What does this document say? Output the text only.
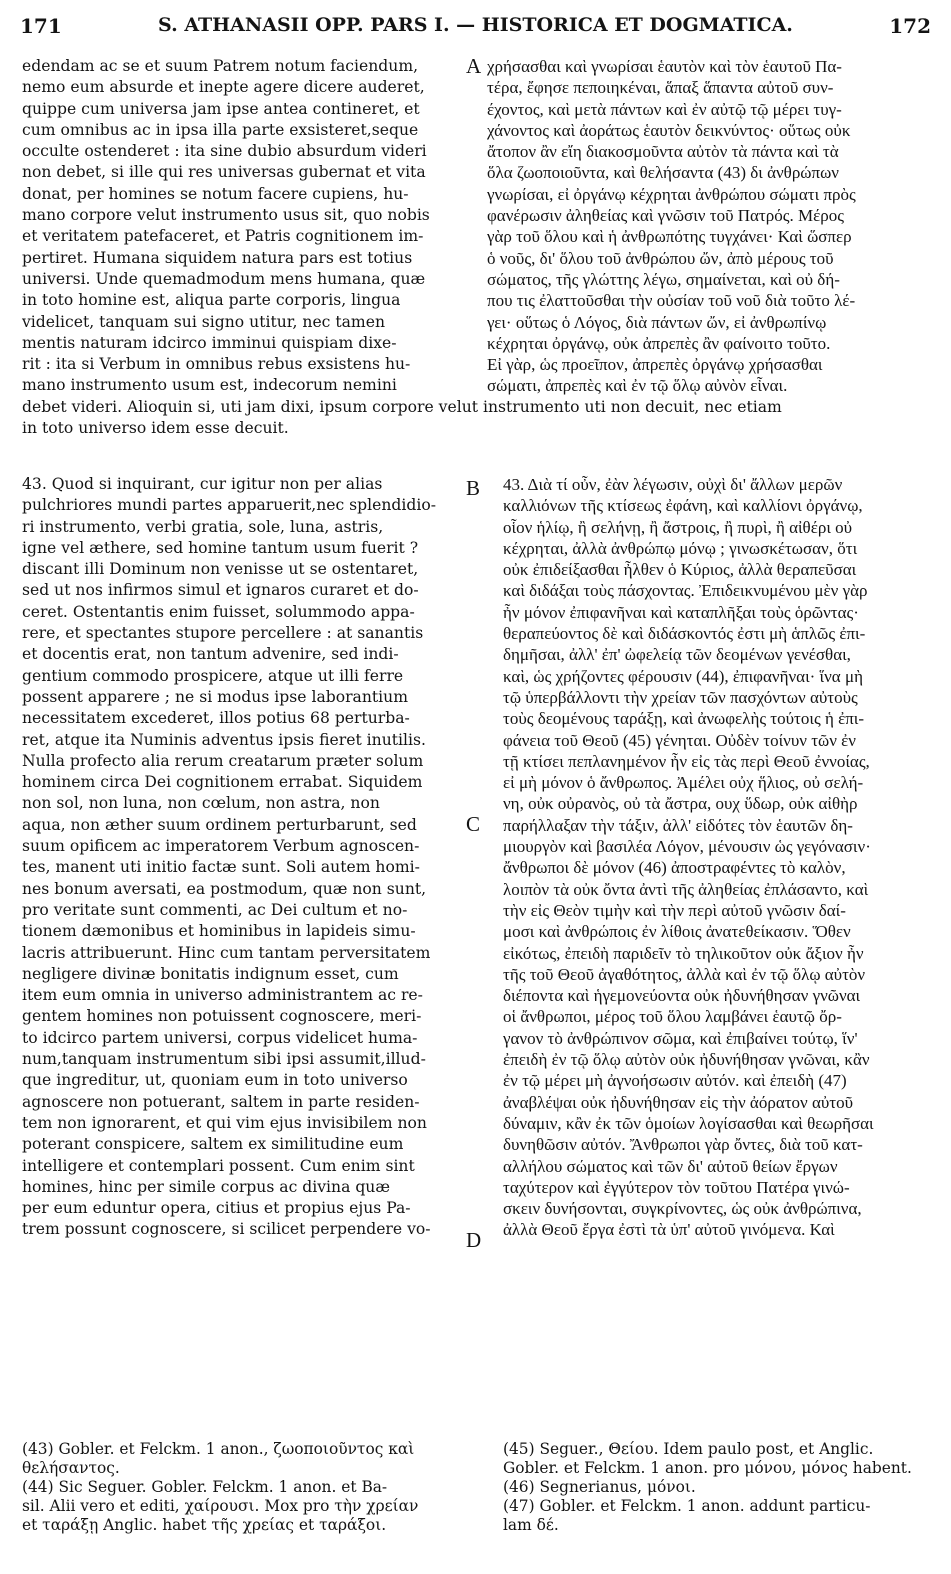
171	S. ATHANASII OPP. PARS I. — HISTORICA ET DOGMATICA.	172
edendam ac se et suum Patrem notum faciendum,
nemo eum absurde et inepte agere dicere auderet,
quippe cum universa jam ipse antea contineret, et
cum omnibus ac in ipsa illa parte exsisteret,seque
occulte ostenderet : ita sine dubio absurdum videri
non debet, si ille qui res universas gubernat et vita
donat, per homines se notum facere cupiens, hu-
mano corpore velut instrumento usus sit, quo nobis
et veritatem patefaceret, et Patris cognitionem im-
pertiret. Humana siquidem natura pars est totius
universi. Unde quemadmodum mens humana, quæ
in toto homine est, aliqua parte corporis, lingua
videlicet, tanquam sui signo utitur, nec tamen
mentis naturam idcirco imminui quispiam dixe-
rit : ita si Verbum in omnibus rebus exsistens hu-
mano instrumento usum est, indecorum nemini
χρήσασθαι καὶ γνωρίσαι ἑαυτὸν καὶ τὸν ἑαυτοῦ Πα-
τέρα, ἔφησε πεποιηκέναι, ἅπαξ ἅπαντα αὐτοῦ συν-
έχοντος, καὶ μετὰ πάντων καὶ ἐν αὐτῷ τῷ μέρει τυγ-
χάνοντος καὶ ἀοράτως ἑαυτὸν δεικνύντος· οὕτως οὐκ
ἄτοπον ἂν εἴη διακοσμοῦντα αὐτὸν τὰ πάντα καὶ τὰ
ὅλα ζωοποιοῦντα, καὶ θελήσαντα (43) δι ἀνθρώπων
γνωρίσαι, εἰ ὀργάνῳ κέχρηται ἀνθρώπου σώματι πρὸς
φανέρωσιν ἀληθείας καὶ γνῶσιν τοῦ Πατρός. Μέρος
γὰρ τοῦ ὅλου καὶ ἡ ἀνθρωπότης τυγχάνει· Καὶ ὥσπερ
ὁ νοῦς, δι' ὅλου τοῦ ἀνθρώπου ὤν, ἀπὸ μέρους τοῦ
σώματος, τῆς γλώττης λέγω, σημαίνεται, καὶ οὐ δή-
που τις ἐλαττοῦσθαι τὴν οὐσίαν τοῦ νοῦ διὰ τοῦτο λέ-
γει· οὕτως ὁ Λόγος, διὰ πάντων ὤν, εἰ ἀνθρωπίνῳ
κέχρηται ὀργάνῳ, οὐκ ἀπρεπὲς ἂν φαίνοιτο τοῦτο.
Εἰ γὰρ, ὡς προεῖπον, ἀπρεπὲς ὀργάνῳ χρήσασθαι
σώματι, ἀπρεπὲς καὶ ἐν τῷ ὅλῳ αὐνὸν εἶναι.
debet videri. Alioquin si, uti jam dixi, ipsum corpore velut instrumento uti non decuit, nec etiam
in toto universo idem esse decuit.
43. Quod si inquirant, cur igitur non per alias
pulchriores mundi partes apparuerit,nec splendidio-
ri instrumento, verbi gratia, sole, luna, astris,
igne vel æthere, sed homine tantum usum fuerit ?
discant illi Dominum non venisse ut se ostentaret,
sed ut nos infirmos simul et ignaros curaret et do-
ceret. Ostentantis enim fuisset, solummodo appa-
rere, et spectantes stupore percellere : at sanantis
et docentis erat, non tantum advenire, sed indi-
gentium commodo prospicere, atque ut illi ferre
possent apparere ; ne si modus ipse laborantium
necessitatem excederet, illos potius 68 perturba-
ret, atque ita Numinis adventus ipsis fieret inutilis.
Nulla profecto alia rerum creatarum præter solum
hominem circa Dei cognitionem errabat. Siquidem
non sol, non luna, non cœlum, non astra, non
aqua, non æther suum ordinem perturbarunt, sed
suum opificem ac imperatorem Verbum agnoscen-
tes, manent uti initio factæ sunt. Soli autem homi-
nes bonum aversati, ea postmodum, quæ non sunt,
pro veritate sunt commenti, ac Dei cultum et no-
tionem dæmonibus et hominibus in lapideis simu-
lacris attribuerunt. Hinc cum tantam perversitatem
negligere divinæ bonitatis indignum esset, cum
item eum omnia in universo administrantem ac re-
gentem homines non potuissent cognoscere, meri-
to idcirco partem universi, corpus videlicet huma-
num,tanquam instrumentum sibi ipsi assumit,illud-
que ingreditur, ut, quoniam eum in toto universo
agnoscere non potuerant, saltem in parte residen-
tem non ignorarent, et qui vim ejus invisibilem non
poterant conspicere, saltem ex similitudine eum
intelligere et contemplari possent. Cum enim sint
homines, hinc per simile corpus ac divina quæ
per eum eduntur opera, citius et propius ejus Pa-
trem possunt cognoscere, si scilicet perpendere vo-
43. Διὰ τί οὖν, ἐὰν λέγωσιν, οὐχὶ δι' ἄλλων μερῶν
καλλιόνων τῆς κτίσεως ἐφάνη, καὶ καλλίονι ὀργάνῳ,
οἷον ἡλίῳ, ἢ σελήνῃ, ἢ ἄστροις, ἢ πυρὶ, ἢ αἰθέρι οὐ
κέχρηται, ἀλλὰ ἀνθρώπῳ μόνῳ ; γινωσκέτωσαν, ὅτι
οὐκ ἐπιδείξασθαι ἦλθεν ὁ Κύριος, ἀλλὰ θεραπεῦσαι
καὶ διδάξαι τοὺς πάσχοντας. Ἐπιδεικνυμένου μὲν γὰρ
ἦν μόνον ἐπιφανῆναι καὶ καταπλῆξαι τοὺς ὁρῶντας·
θεραπεύοντος δὲ καὶ διδάσκοντός ἐστι μὴ ἁπλῶς ἐπι-
δημῆσαι, ἀλλ' ἐπ' ὠφελείᾳ τῶν δεομένων γενέσθαι,
καὶ, ὡς χρήζοντες φέρουσιν (44), ἐπιφανῆναι· ἵνα μὴ
τῷ ὑπερβάλλοντι τὴν χρείαν τῶν πασχόντων αὐτοὺς
τοὺς δεομένους ταράξῃ, καὶ ἀνωφελὴς τούτοις ἡ ἐπι-
φάνεια τοῦ Θεοῦ (45) γένηται. Οὐδὲν τοίνυν τῶν ἐν
τῇ κτίσει πεπλανημένον ἦν εἰς τὰς περὶ Θεοῦ ἐννοίας,
εἰ μὴ μόνον ὁ ἄνθρωπος. Ἀμέλει οὐχ ἥλιος, οὐ σελή-
νη, οὐκ οὐρανὸς, οὐ τὰ ἄστρα, ουχ ὕδωρ, οὐκ αἰθὴρ
παρήλλαξαν τὴν τάξιν, ἀλλ' εἰδότες τὸν ἑαυτῶν δη-
μιουργὸν καὶ βασιλέα Λόγον, μένουσιν ὡς γεγόνασιν·
ἄνθρωποι δὲ μόνον (46) ἀποστραφέντες τὸ καλὸν,
λοιπὸν τὰ οὐκ ὄντα ἀντὶ τῆς ἀληθείας ἐπλάσαντο, καὶ
τὴν εἰς Θεὸν τιμὴν καὶ τὴν περὶ αὐτοῦ γνῶσιν δαί-
μοσι καὶ ἀνθρώποις ἐν λίθοις ἀνατεθείκασιν. Ὅθεν
εἰκότως, ἐπειδὴ παριδεῖν τὸ τηλικοῦτον οὐκ ἄξιον ἦν
τῆς τοῦ Θεοῦ ἀγαθότητος, ἀλλὰ καὶ ἐν τῷ ὅλῳ αὐτὸν
διέποντα καὶ ἡγεμονεύοντα οὐκ ἠδυνήθησαν γνῶναι
οἱ ἄνθρωποι, μέρος τοῦ ὅλου λαμβάνει ἑαυτῷ ὄρ-
γανον τὸ ἀνθρώπινον σῶμα, καὶ ἐπιβαίνει τούτῳ, ἵν'
ἐπειδὴ ἐν τῷ ὅλῳ αὐτὸν οὐκ ἠδυνήθησαν γνῶναι, κἂν
ἐν τῷ μέρει μὴ ἀγνοήσωσιν αὐτόν. καὶ ἐπειδὴ (47)
ἀναβλέψαι οὐκ ἠδυνήθησαν εἰς τὴν ἀόρατον αὐτοῦ
δύναμιν, κἂν ἐκ τῶν ὁμοίων λογίσασθαι καὶ θεωρῆσαι
δυνηθῶσιν αὐτόν. Ἄνθρωποι γὰρ ὄντες, διὰ τοῦ κατ-
αλλήλου σώματος καὶ τῶν δι' αὐτοῦ θείων ἔργων
ταχύτερον καὶ ἐγγύτερον τὸν τοῦτου Πατέρα γινώ-
σκειν δυνήσονται, συγκρίνοντες, ὡς οὐκ ἀνθρώπινα,
ἀλλὰ Θεοῦ ἔργα ἐστὶ τὰ ὑπ' αὐτοῦ γινόμενα. Καὶ
A
B
C
D
(43) Gobler. et Felckm. 1 anon., ζωοποιοῦντος καὶ
θελήσαντος.
(44) Sic Seguer. Gobler. Felckm. 1 anon. et Ba-
sil. Alii vero et editi, χαίρουσι. Mox pro τὴν χρείαν
et ταράξῃ Anglic. habet τῆς χρείας et ταράξοι.
(45) Seguer., Θείου. Idem paulo post, et Anglic.
Gobler. et Felckm. 1 anon. pro μόνου, μόνος habent.
(46) Segnerianus, μόνοι.
(47) Gobler. et Felckm. 1 anon. addunt particu-
lam δέ.
